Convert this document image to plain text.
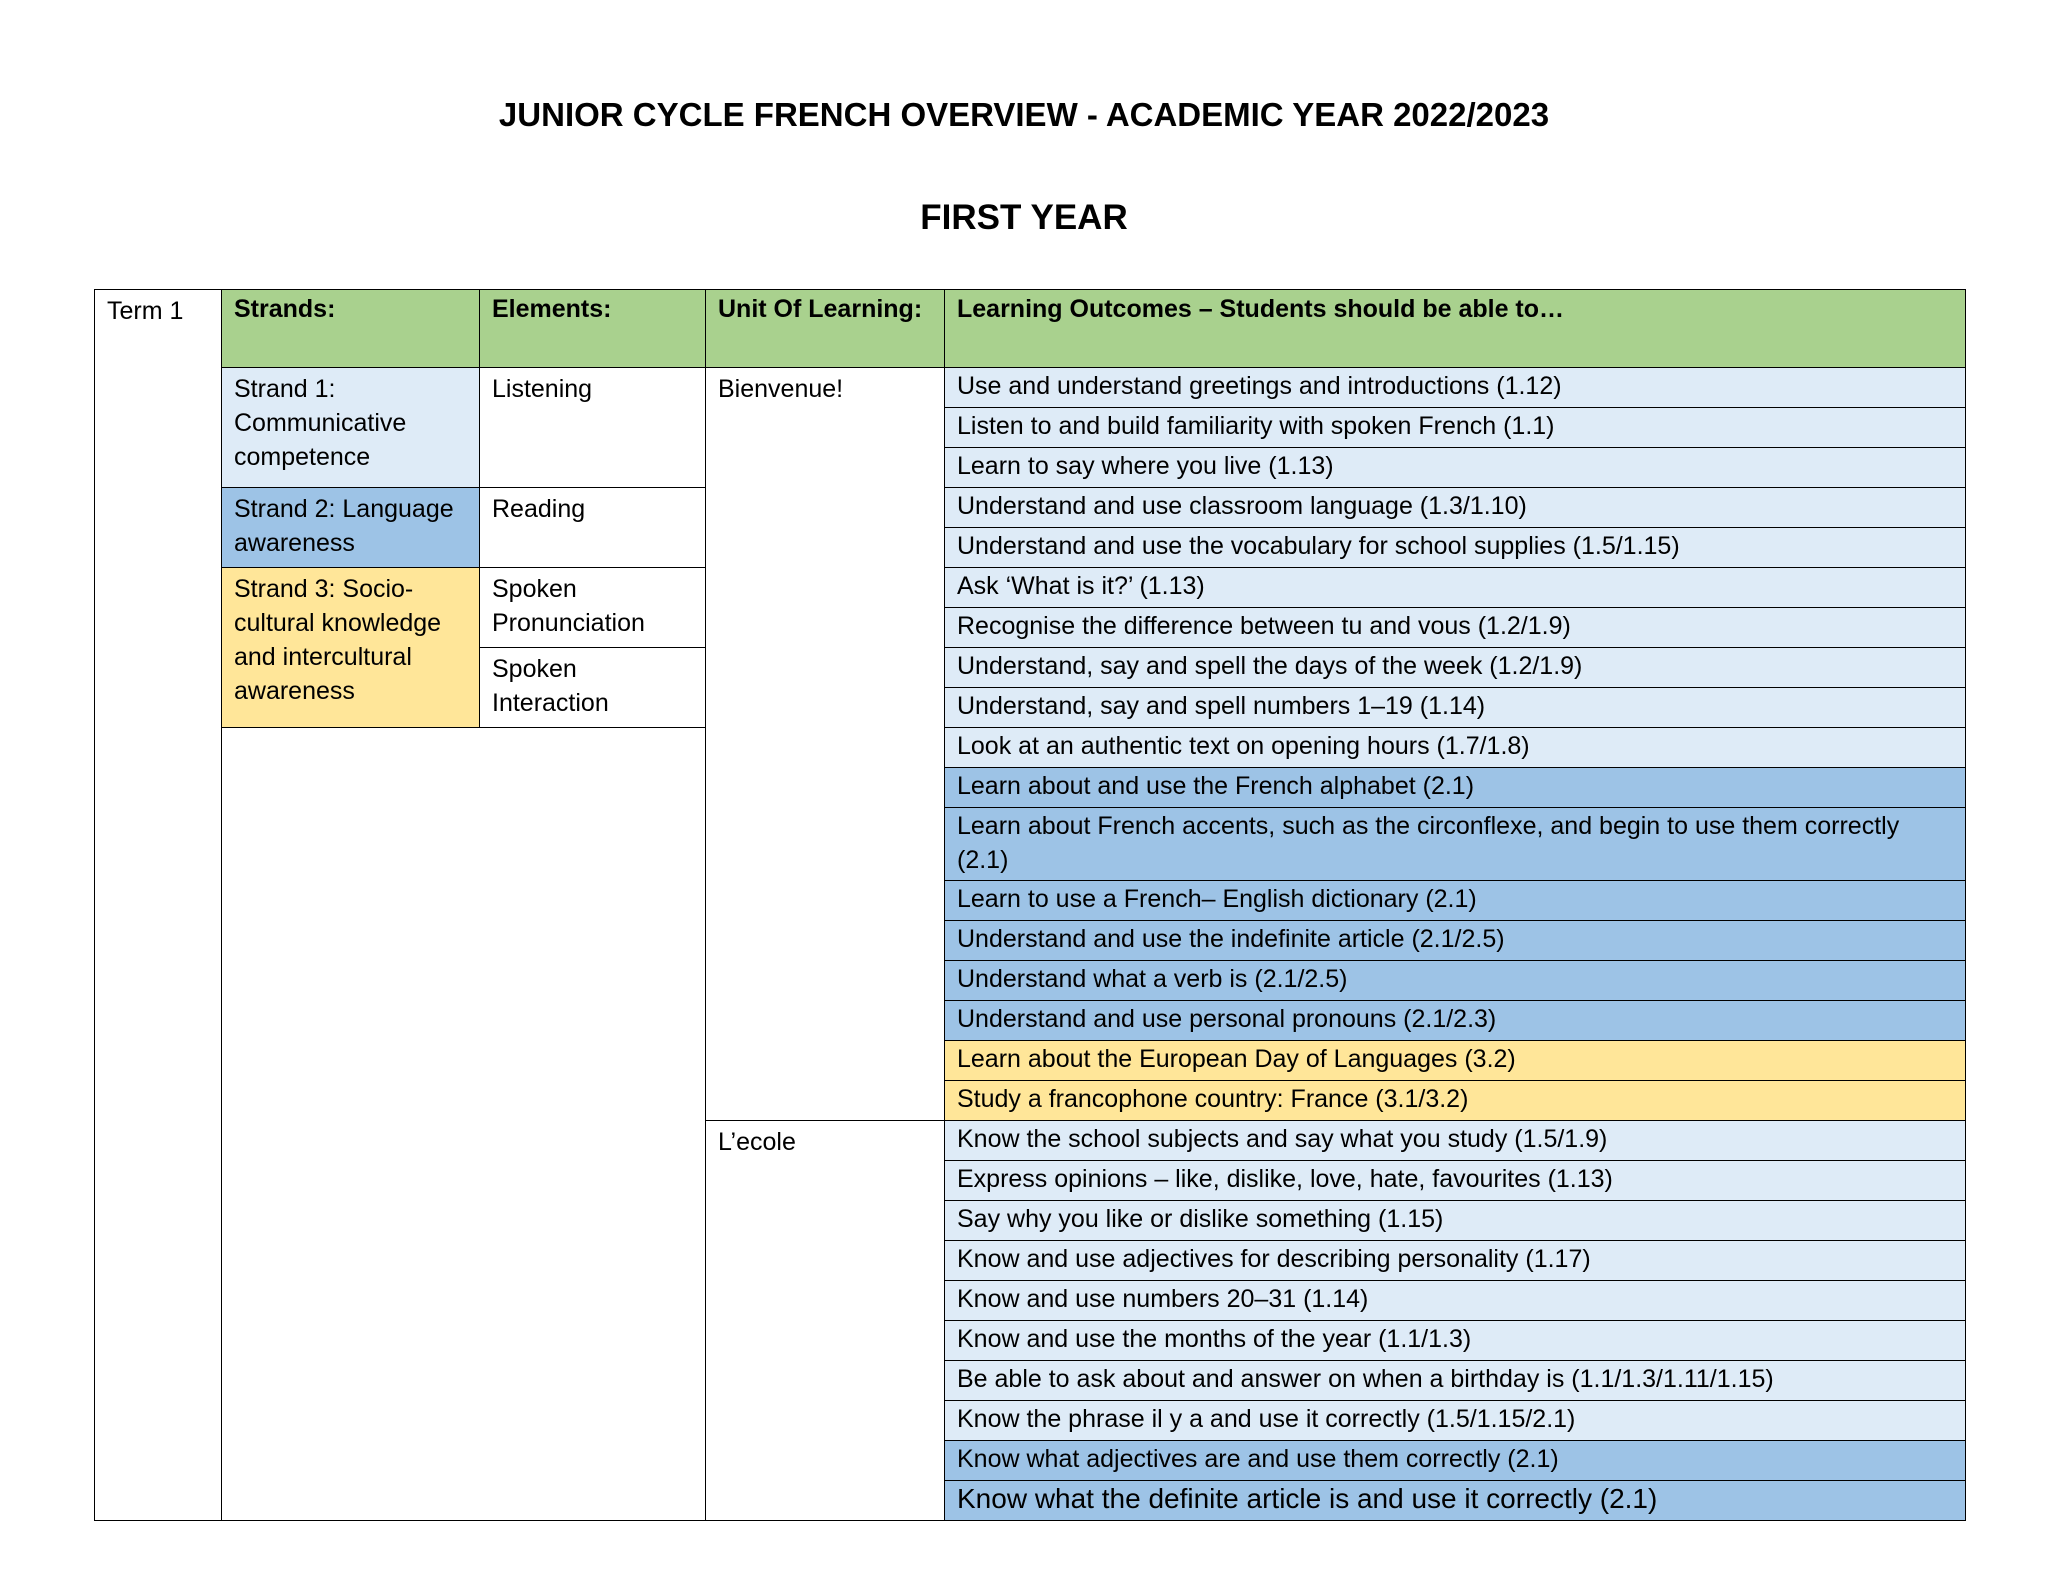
JUNIOR CYCLE FRENCH OVERVIEW - ACADEMIC YEAR 2022/2023
FIRST YEAR
Term 1	Strands:	Elements:	Unit Of Learning:	Learning Outcomes – Students should be able to…
	Strand 1: Communicative competence	Listening	Bienvenue!	Use and understand greetings and introductions (1.12)
				Listen to and build familiarity with spoken French (1.1)
				Learn to say where you live (1.13)
	Strand 2: Language awareness	Reading		Understand and use classroom language (1.3/1.10)
				Understand and use the vocabulary for school supplies (1.5/1.15)
	Strand 3: Socio-cultural knowledge and intercultural awareness	Spoken Pronunciation		Ask ‘What is it?’ (1.13)
				Recognise the difference between tu and vous (1.2/1.9)
		Spoken Interaction		Understand, say and spell the days of the week (1.2/1.9)
				Understand, say and spell numbers 1–19 (1.14)
				Look at an authentic text on opening hours (1.7/1.8)
				Learn about and use the French alphabet (2.1)
				Learn about French accents, such as the circonflexe, and begin to use them correctly (2.1)
				Learn to use a French– English dictionary (2.1)
				Understand and use the indefinite article (2.1/2.5)
				Understand what a verb is (2.1/2.5)
				Understand and use personal pronouns (2.1/2.3)
				Learn about the European Day of Languages (3.2)
				Study a francophone country: France (3.1/3.2)
			L’ecole	Know the school subjects and say what you study (1.5/1.9)
				Express opinions – like, dislike, love, hate, favourites (1.13)
				Say why you like or dislike something (1.15)
				Know and use adjectives for describing personality (1.17)
				Know and use numbers 20–31 (1.14)
				Know and use the months of the year (1.1/1.3)
				Be able to ask about and answer on when a birthday is (1.1/1.3/1.11/1.15)
				Know the phrase il y a and use it correctly (1.5/1.15/2.1)
				Know what adjectives are and use them correctly (2.1)
				Know what the definite article is and use it correctly (2.1)
